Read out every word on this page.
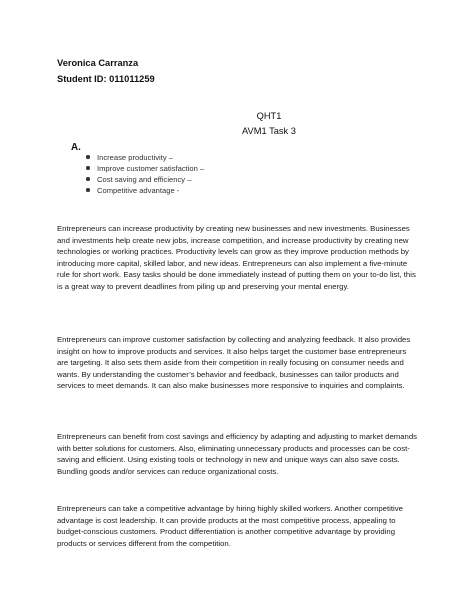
Veronica Carranza
Student ID: 011011259
QHT1
AVM1 Task 3
A.
Increase productivity –
Improve customer satisfaction –
Cost saving and efficiency –
Competitive advantage -

Entrepreneurs can increase productivity by creating new businesses and new investments. Businesses and investments help create new jobs, increase competition, and increase productivity by creating new technologies or working practices. Productivity levels can grow as they improve production methods by introducing more capital, skilled labor, and new ideas. Entrepreneurs can also implement a five-minute rule for short work. Easy tasks should be done immediately instead of putting them on your to-do list, this is a great way to prevent deadlines from piling up and preserving your mental energy.

Entrepreneurs can improve customer satisfaction by collecting and analyzing feedback. It also provides insight on how to improve products and services. It also helps target the customer base entrepreneurs are targeting. It also sets them aside from their competition in really focusing on consumer needs and wants. By understanding the customer’s behavior and feedback, businesses can tailor products and services to meet demands. It can also make businesses more responsive to inquiries and complaints.

Entrepreneurs can benefit from cost savings and efficiency by adapting and adjusting to market demands with better solutions for customers. Also, eliminating unnecessary products and processes can be cost-saving and efficient. Using existing tools or technology in new and unique ways can also save costs. Bundling goods and/or services can reduce organizational costs.

Entrepreneurs can take a competitive advantage by hiring highly skilled workers. Another competitive advantage is cost leadership. It can provide products at the most competitive process, appealing to budget-conscious customers. Product differentiation is another competitive advantage by providing products or services different from the competition.
